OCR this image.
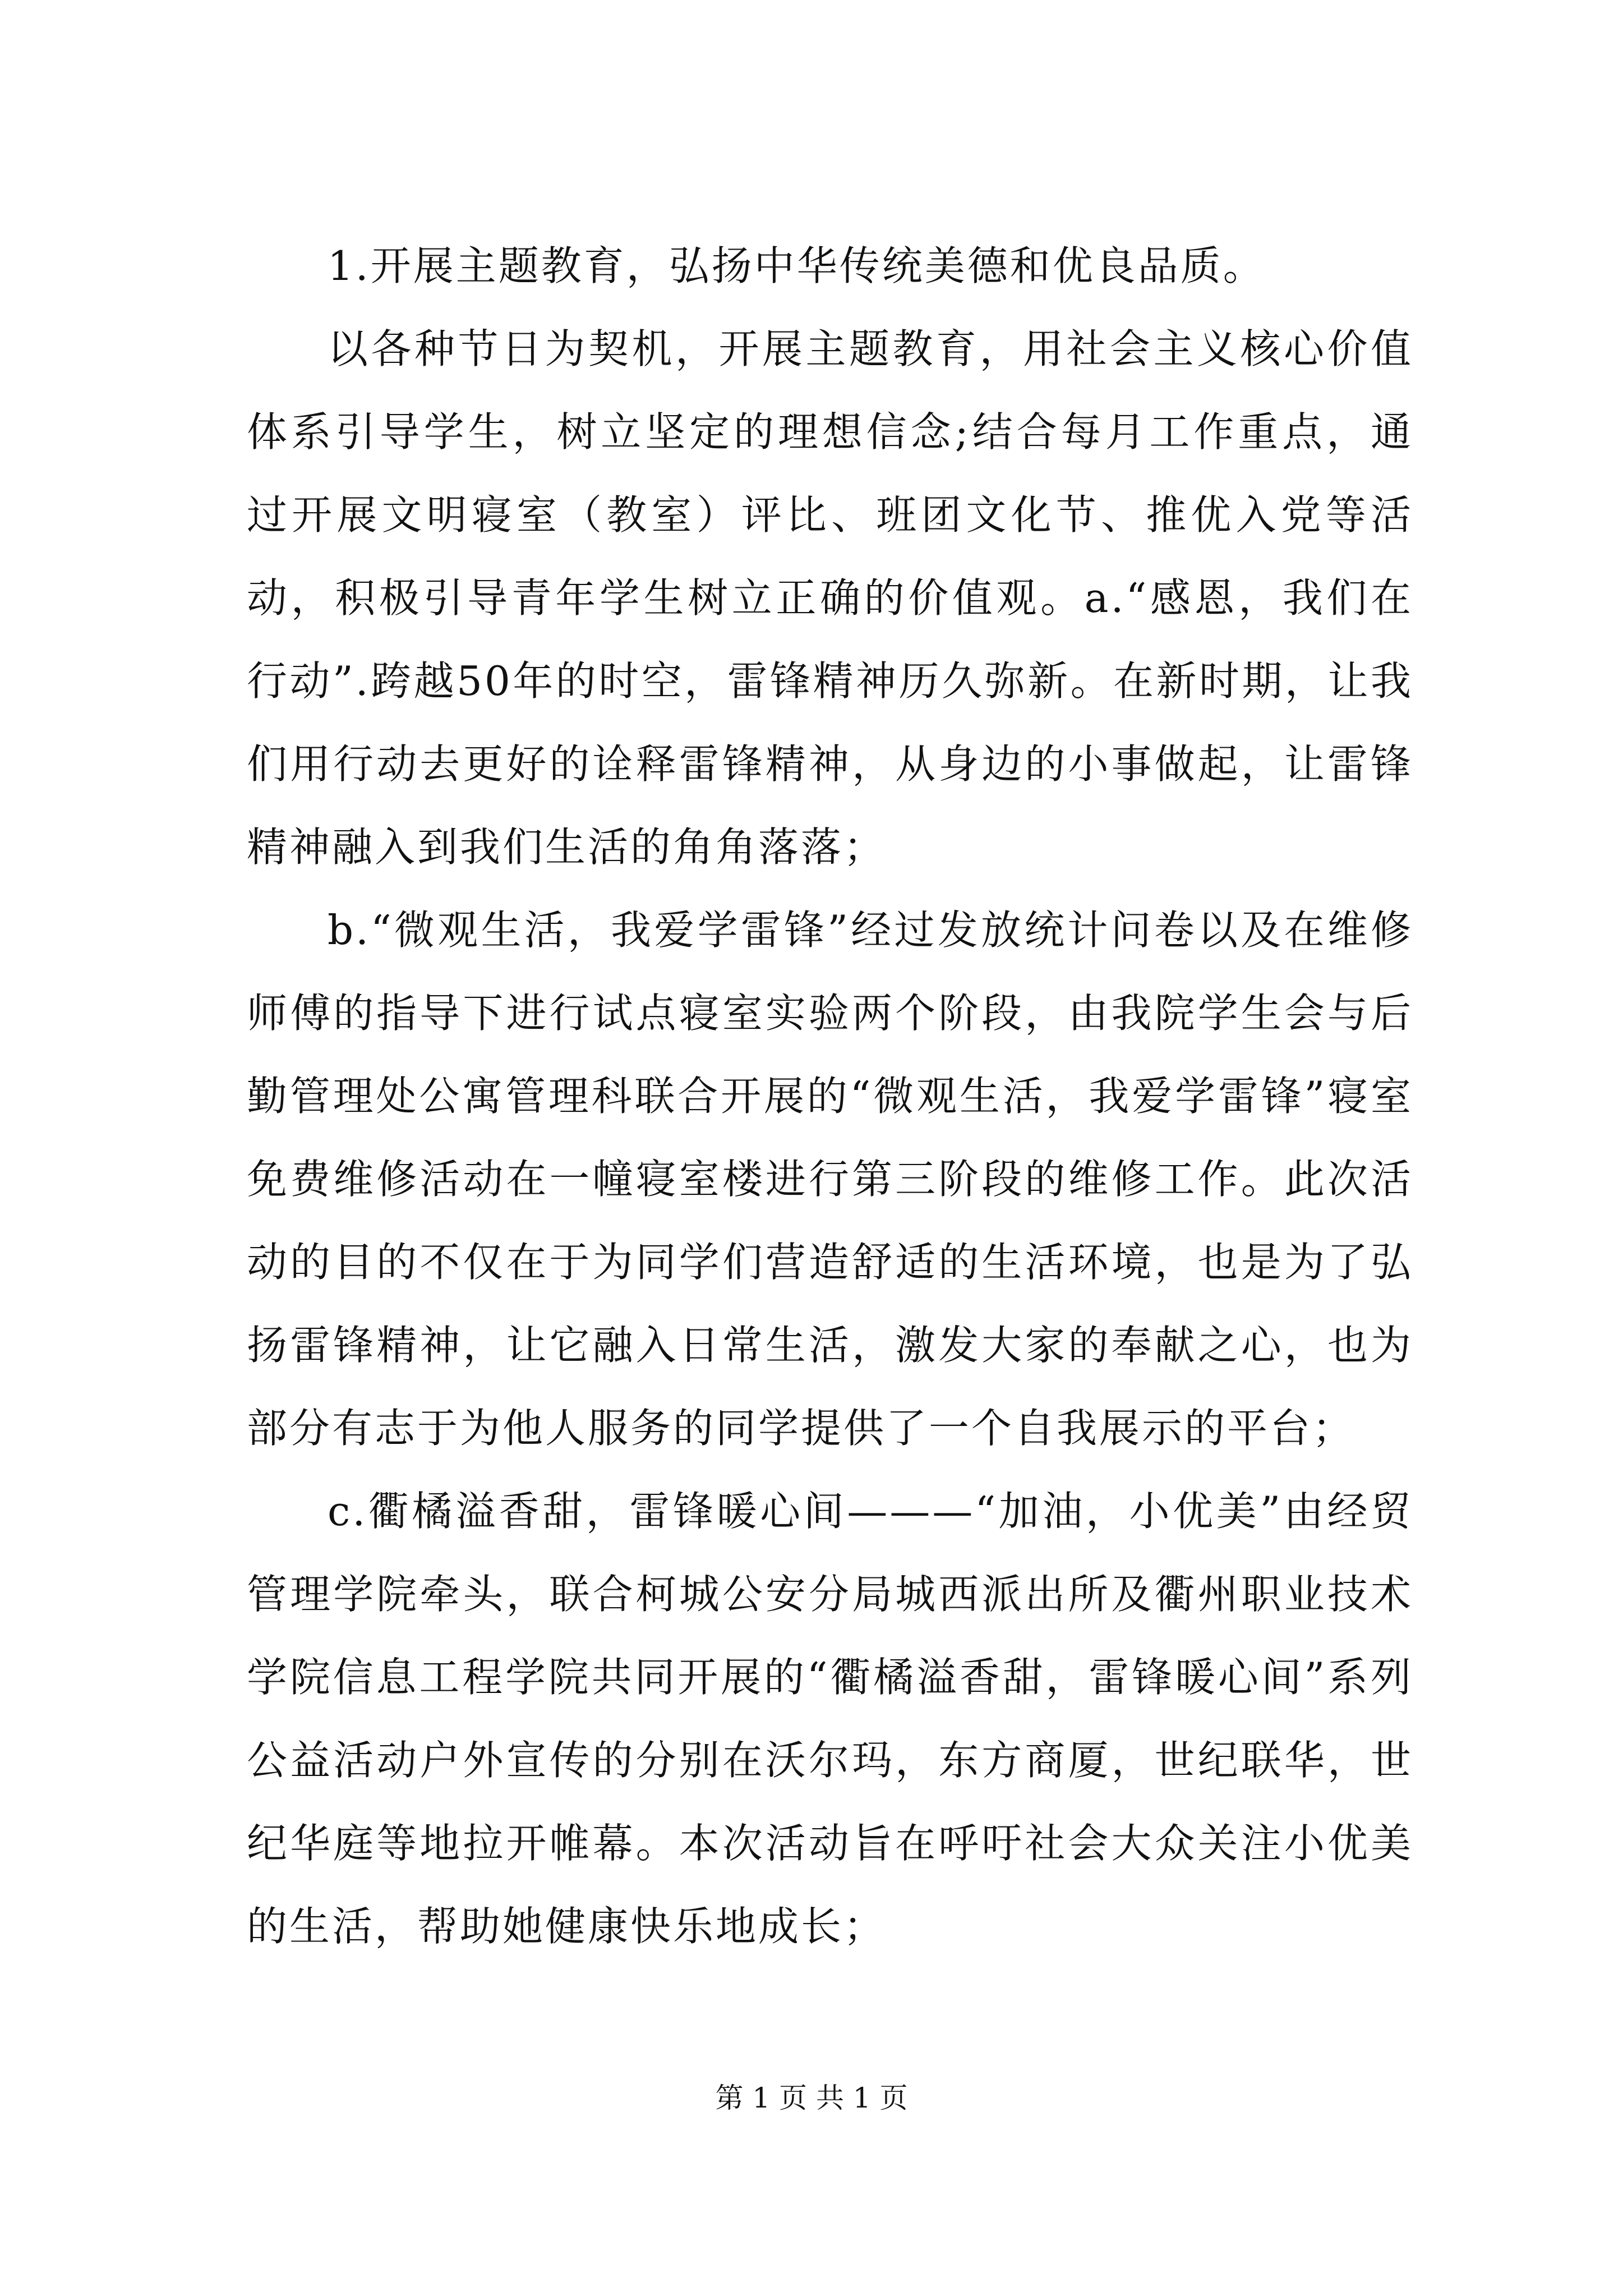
1.开展主题教育，弘扬中华传统美德和优良品质。

以各种节日为契机，开展主题教育，用社会主义核心价值体系引导学生，树立坚定的理想信念;结合每月工作重点，通过开展文明寝室（教室）评比、班团文化节、推优入党等活动，积极引导青年学生树立正确的价值观。a.“感恩，我们在行动”.跨越50年的时空，雷锋精神历久弥新。在新时期，让我们用行动去更好的诠释雷锋精神，从身边的小事做起，让雷锋精神融入到我们生活的角角落落；

b.“微观生活，我爱学雷锋”经过发放统计问卷以及在维修师傅的指导下进行试点寝室实验两个阶段，由我院学生会与后勤管理处公寓管理科联合开展的“微观生活，我爱学雷锋”寝室免费维修活动在一幢寝室楼进行第三阶段的维修工作。此次活动的目的不仅在于为同学们营造舒适的生活环境，也是为了弘扬雷锋精神，让它融入日常生活，激发大家的奉献之心，也为部分有志于为他人服务的同学提供了一个自我展示的平台；

c.衢橘溢香甜，雷锋暖心间———“加油，小优美”由经贸管理学院牵头，联合柯城公安分局城西派出所及衢州职业技术学院信息工程学院共同开展的“衢橘溢香甜，雷锋暖心间”系列公益活动户外宣传的分别在沃尔玛，东方商厦，世纪联华，世纪华庭等地拉开帷幕。本次活动旨在呼吁社会大众关注小优美的生活，帮助她健康快乐地成长；

第 1 页 共 1 页
